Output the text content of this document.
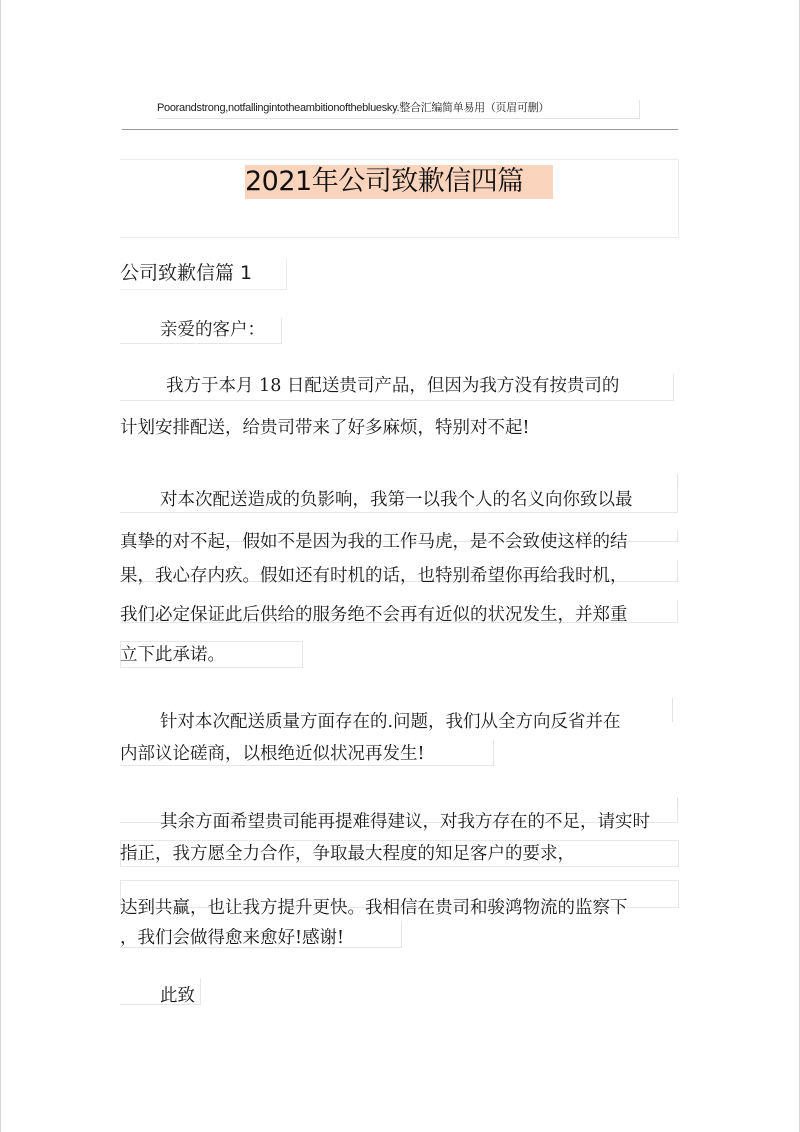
Poorandstrong,notfallingintotheambitionofthebluesky.整合汇编简单易用（页眉可删）
2021年公司致歉信四篇
公司致歉信篇 1
亲爱的客户：
我方于本月 18 日配送贵司产品，但因为我方没有按贵司的
计划安排配送，给贵司带来了好多麻烦，特别对不起!
对本次配送造成的负影响，我第一以我个人的名义向你致以最
真挚的对不起，假如不是因为我的工作马虎，是不会致使这样的结
果，我心存内疚。假如还有时机的话，也特别希望你再给我时机，
我们必定保证此后供给的服务绝不会再有近似的状况发生，并郑重
立下此承诺。
针对本次配送质量方面存在的.问题，我们从全方向反省并在
内部议论磋商，以根绝近似状况再发生!
其余方面希望贵司能再提难得建议，对我方存在的不足，请实时
指正，我方愿全力合作，争取最大程度的知足客户的要求，
达到共赢，也让我方提升更快。我相信在贵司和骏鸿物流的监察下
，我们会做得愈来愈好!感谢!
此致
